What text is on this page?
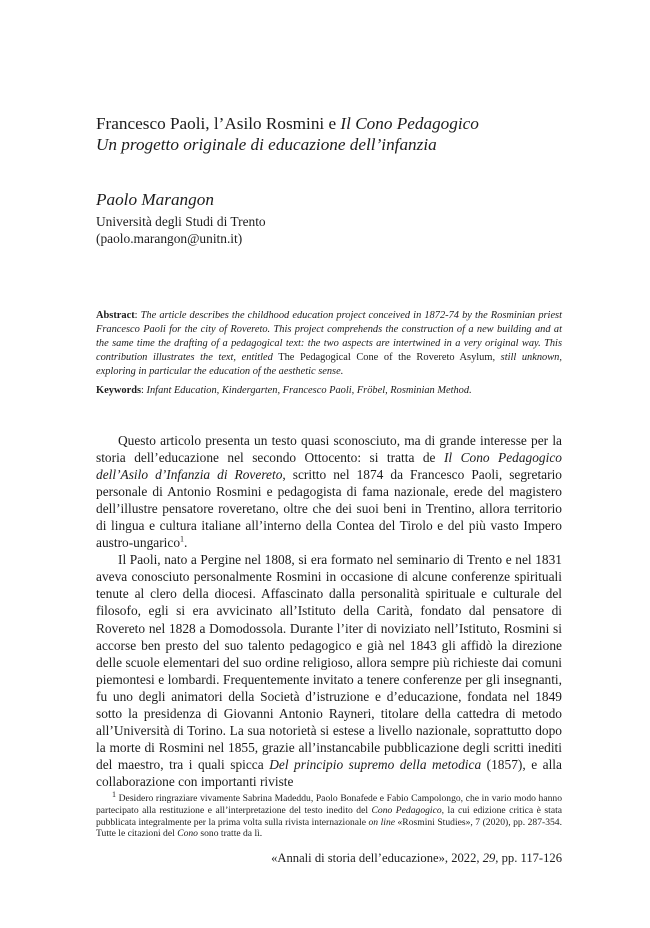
Francesco Paoli, l’Asilo Rosmini e Il Cono Pedagogico
Un progetto originale di educazione dell’infanzia
Paolo Marangon
Università degli Studi di Trento
(paolo.marangon@unitn.it)

Abstract: The article describes the childhood education project conceived in 1872-74 by the Rosminian priest Francesco Paoli for the city of Rovereto. This project comprehends the construction of a new building and at the same time the drafting of a pedagogical text: the two aspects are intertwined in a very original way. This contribution illustrates the text, entitled The Pedagogical Cone of the Rovereto Asylum, still unknown, exploring in particular the education of the aesthetic sense.

Keywords: Infant Education, Kindergarten, Francesco Paoli, Fröbel, Rosminian Method.

Questo articolo presenta un testo quasi sconosciuto, ma di grande interesse per la storia dell’educazione nel secondo Ottocento: si tratta de Il Cono Pedagogico dell’Asilo d’Infanzia di Rovereto, scritto nel 1874 da Francesco Paoli, segretario personale di Antonio Rosmini e pedagogista di fama nazionale, erede del magistero dell’illustre pensatore roveretano, oltre che dei suoi beni in Trentino, allora territorio di lingua e cultura italiane all’interno della Contea del Tirolo e del più vasto Impero austro-ungarico$^1$.

Il Paoli, nato a Pergine nel 1808, si era formato nel seminario di Trento e nel 1831 aveva conosciuto personalmente Rosmini in occasione di alcune conferenze spirituali tenute al clero della diocesi. Affascinato dalla personalità spirituale e culturale del filosofo, egli si era avvicinato all’Istituto della Carità, fondato dal pensatore di Rovereto nel 1828 a Domodossola. Durante l’iter di noviziato nell’Istituto, Rosmini si accorse ben presto del suo talento pedagogico e già nel 1843 gli affidò la direzione delle scuole elementari del suo ordine religioso, allora sempre più richieste dai comuni piemontesi e lombardi. Frequentemente invitato a tenere conferenze per gli insegnanti, fu uno degli animatori della Società d’istruzione e d’educazione, fondata nel 1849 sotto la presidenza di Giovanni Antonio Rayneri, titolare della cattedra di metodo all’Università di Torino. La sua notorietà si estese a livello nazionale, soprattutto dopo la morte di Rosmini nel 1855, grazie all’instancabile pubblicazione degli scritti inediti del maestro, tra i quali spicca Del principio supremo della metodica (1857), e alla collaborazione con importanti riviste

$^1$ Desidero ringraziare vivamente Sabrina Madeddu, Paolo Bonafede e Fabio Campolongo, che in vario modo hanno partecipato alla restituzione e all’interpretazione del testo inedito del Cono Pedagogico, la cui edizione critica è stata pubblicata integralmente per la prima volta sulla rivista internazionale on line «Rosmini Studies», 7 (2020), pp. 287-354. Tutte le citazioni del Cono sono tratte da lì.

«Annali di storia dell’educazione», 2022, 29, pp. 117-126
